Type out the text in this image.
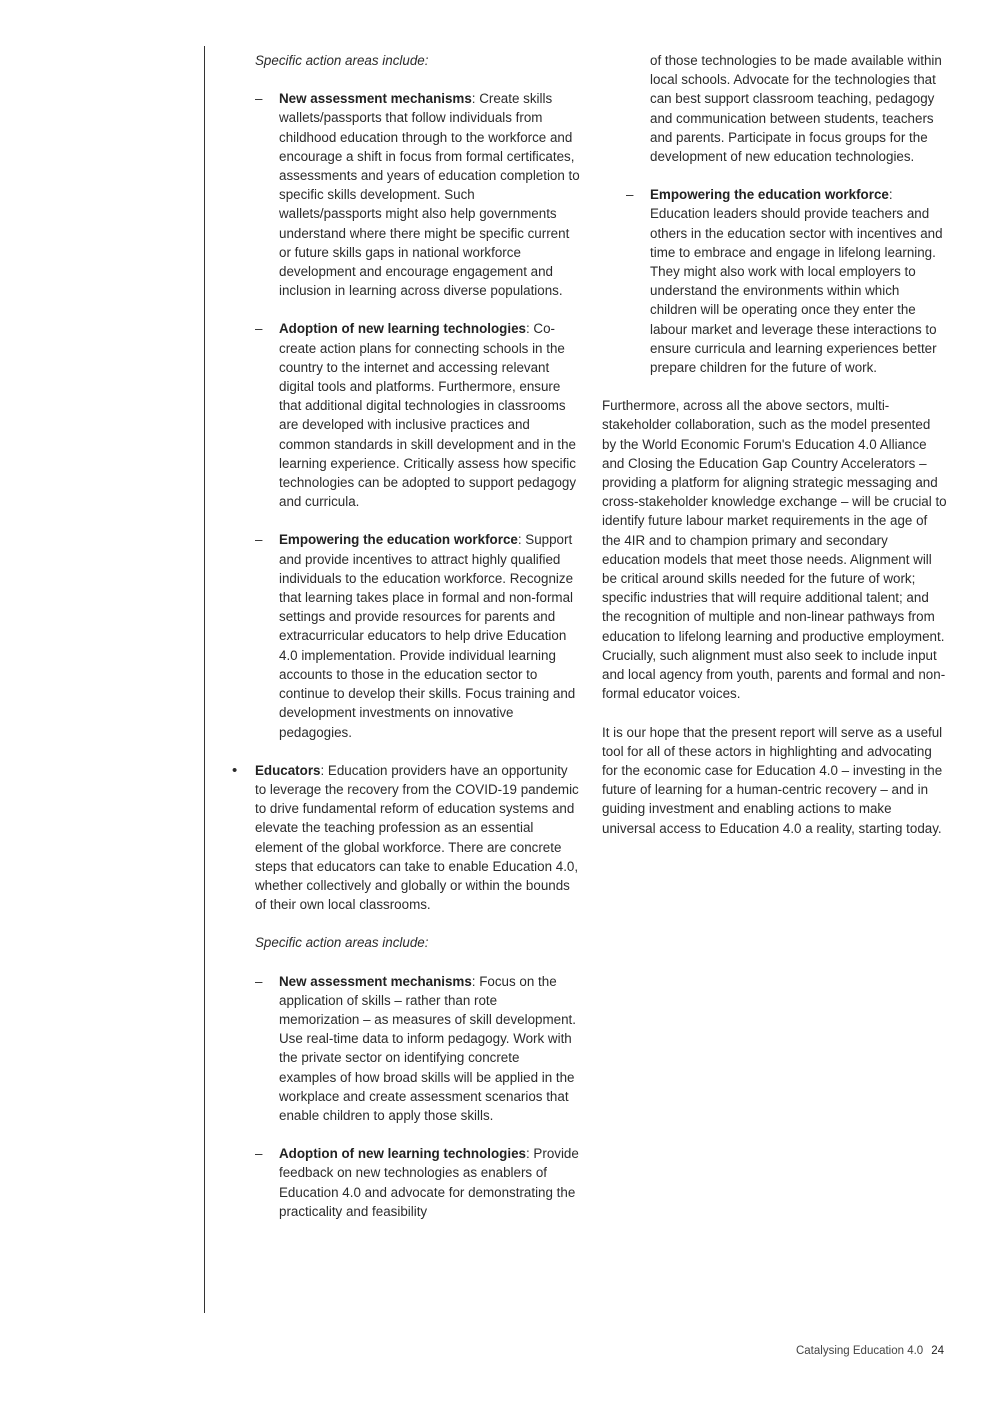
Specific action areas include:

– New assessment mechanisms: Create skills wallets/passports that follow individuals from childhood education through to the workforce and encourage a shift in focus from formal certificates, assessments and years of education completion to specific skills development. Such wallets/passports might also help governments understand where there might be specific current or future skills gaps in national workforce development and encourage engagement and inclusion in learning across diverse populations.

– Adoption of new learning technologies: Co-create action plans for connecting schools in the country to the internet and accessing relevant digital tools and platforms. Furthermore, ensure that additional digital technologies in classrooms are developed with inclusive practices and common standards in skill development and in the learning experience. Critically assess how specific technologies can be adopted to support pedagogy and curricula.

– Empowering the education workforce: Support and provide incentives to attract highly qualified individuals to the education workforce. Recognize that learning takes place in formal and non-formal settings and provide resources for parents and extracurricular educators to help drive Education 4.0 implementation. Provide individual learning accounts to those in the education sector to continue to develop their skills. Focus training and development investments on innovative pedagogies.

• Educators: Education providers have an opportunity to leverage the recovery from the COVID-19 pandemic to drive fundamental reform of education systems and elevate the teaching profession as an essential element of the global workforce. There are concrete steps that educators can take to enable Education 4.0, whether collectively and globally or within the bounds of their own local classrooms.

Specific action areas include:

– New assessment mechanisms: Focus on the application of skills – rather than rote memorization – as measures of skill development. Use real-time data to inform pedagogy. Work with the private sector on identifying concrete examples of how broad skills will be applied in the workplace and create assessment scenarios that enable children to apply those skills.

– Adoption of new learning technologies: Provide feedback on new technologies as enablers of Education 4.0 and advocate for demonstrating the practicality and feasibility

of those technologies to be made available within local schools. Advocate for the technologies that can best support classroom teaching, pedagogy and communication between students, teachers and parents. Participate in focus groups for the development of new education technologies.

– Empowering the education workforce: Education leaders should provide teachers and others in the education sector with incentives and time to embrace and engage in lifelong learning. They might also work with local employers to understand the environments within which children will be operating once they enter the labour market and leverage these interactions to ensure curricula and learning experiences better prepare children for the future of work.

Furthermore, across all the above sectors, multi-stakeholder collaboration, such as the model presented by the World Economic Forum's Education 4.0 Alliance and Closing the Education Gap Country Accelerators – providing a platform for aligning strategic messaging and cross-stakeholder knowledge exchange – will be crucial to identify future labour market requirements in the age of the 4IR and to champion primary and secondary education models that meet those needs. Alignment will be critical around skills needed for the future of work; specific industries that will require additional talent; and the recognition of multiple and non-linear pathways from education to lifelong learning and productive employment. Crucially, such alignment must also seek to include input and local agency from youth, parents and formal and non-formal educator voices.

It is our hope that the present report will serve as a useful tool for all of these actors in highlighting and advocating for the economic case for Education 4.0 – investing in the future of learning for a human-centric recovery – and in guiding investment and enabling actions to make universal access to Education 4.0 a reality, starting today.

Catalysing Education 4.0 24
